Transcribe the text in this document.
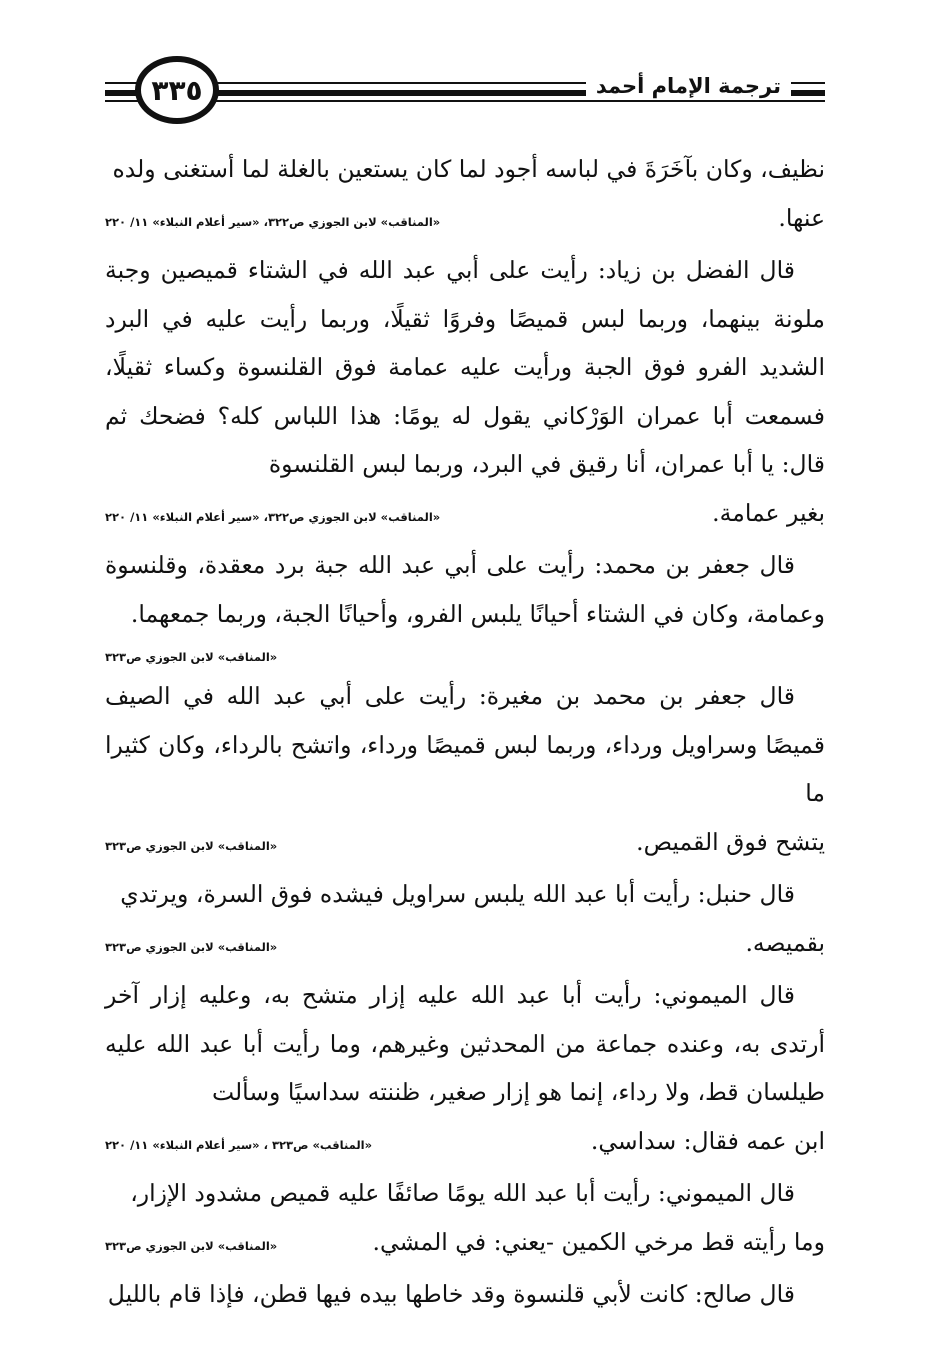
ترجمة الإمام أحمد
٣٣٥

نظيف، وكان بآخَرَةَ في لباسه أجود لما كان يستعين بالغلة لما أستغنى ولده

عنها.
«المناقب» لابن الجوزي ص٣٢٢، «سير أعلام النبلاء» ١١/ ٢٢٠

قال الفضل بن زياد: رأيت على أبي عبد الله في الشتاء قميصين وجبة ملونة بينهما، وربما لبس قميصًا وفروًا ثقيلًا، وربما رأيت عليه في البرد الشديد الفرو فوق الجبة ورأيت عليه عمامة فوق القلنسوة وكساء ثقيلًا، فسمعت أبا عمران الوَرْكاني يقول له يومًا: هذا اللباس كله؟ فضحك ثم قال: يا أبا عمران، أنا رقيق في البرد، وربما لبس القلنسوة

بغير عمامة.
«المناقب» لابن الجوزي ص٣٢٢، «سير أعلام النبلاء» ١١/ ٢٢٠

قال جعفر بن محمد: رأيت على أبي عبد الله جبة برد معقدة، وقلنسوة وعمامة، وكان في الشتاء أحيانًا يلبس الفرو، وأحيانًا الجبة، وربما جمعهما.

«المناقب» لابن الجوزي ص٣٢٣

قال جعفر بن محمد بن مغيرة: رأيت على أبي عبد الله في الصيف قميصًا وسراويل ورداء، وربما لبس قميصًا ورداء، واتشح بالرداء، وكان كثيرا ما

يتشح فوق القميص.
«المناقب» لابن الجوزي ص٣٢٣

قال حنبل: رأيت أبا عبد الله يلبس سراويل فيشده فوق السرة، ويرتدي

بقميصه.
«المناقب» لابن الجوزي ص٣٢٣

قال الميموني: رأيت أبا عبد الله عليه إزار متشح به، وعليه إزار آخر أرتدى به، وعنده جماعة من المحدثين وغيرهم، وما رأيت أبا عبد الله عليه طيلسان قط، ولا رداء، إنما هو إزار صغير، ظننته سداسيًا وسألت

ابن عمه فقال: سداسي.
«المناقب» ص٣٢٣ ، «سير أعلام النبلاء» ١١/ ٢٢٠

قال الميموني: رأيت أبا عبد الله يومًا صائفًا عليه قميص مشدود الإزار،

وما رأيته قط مرخي الكمين -يعني: في المشي.
«المناقب» لابن الجوزي ص٣٢٣

قال صالح: كانت لأبي قلنسوة وقد خاطها بيده فيها قطن، فإذا قام بالليل
